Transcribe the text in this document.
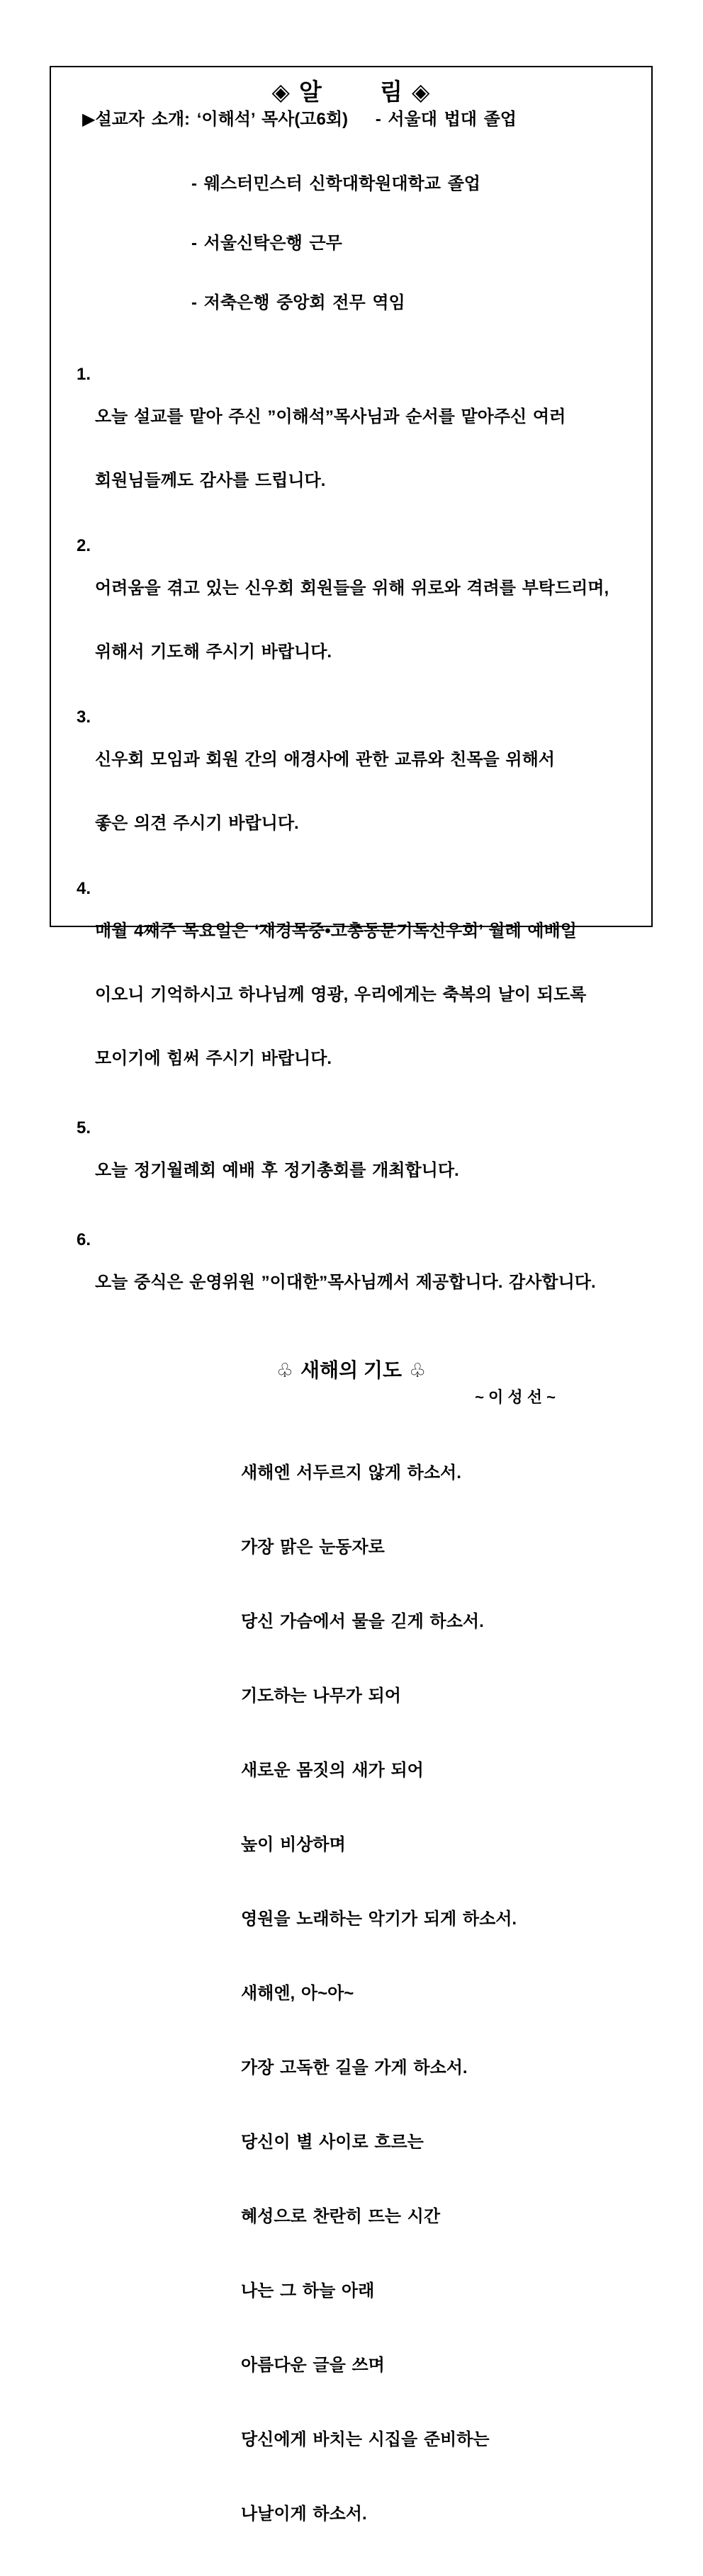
◈ 알        림 ◈
▶설교자 소개: ‘이해석’ 목사(고6회)    - 서울대 법대 졸업

- 웨스터민스터 신학대학원대학교 졸업

- 서울신탁은행 근무

- 저축은행 중앙회 전무 역임

1.

오늘 설교를 맡아 주신 ”이해석”목사님과 순서를 맡아주신 여러

회원님들께도 감사를 드립니다.

2.

어려움을 겪고 있는 신우회 회원들을 위해 위로와 격려를 부탁드리며,

위해서 기도해 주시기 바랍니다.

3.

신우회 모임과 회원 간의 애경사에 관한 교류와 친목을 위해서

좋은 의견 주시기 바랍니다.

4.

매월 4째주 목요일은 ‘재경목중•고총동문기독신우회’ 월례 예배일

이오니 기억하시고 하나님께 영광, 우리에게는 축복의 날이 되도록

모이기에 힘써 주시기 바랍니다.

5.

오늘 정기월례회 예배 후 정기총회를 개최합니다.

6.

오늘 중식은 운영위원 ”이대한”목사님께서 제공합니다. 감사합니다.

♧ 새해의 기도 ♧
~ 이 성 선 ~

새해엔 서두르지 않게 하소서.

가장 맑은 눈동자로

당신 가슴에서 물을 긷게 하소서.

기도하는 나무가 되어

새로운 몸짓의 새가 되어

높이 비상하며

영원을 노래하는 악기가 되게 하소서.

새해엔, 아~아~

가장 고독한 길을 가게 하소서.

당신이 별 사이로 흐르는

혜성으로 찬란히 뜨는 시간

나는 그 하늘 아래

아름다운 글을 쓰며

당신에게 바치는 시집을 준비하는

나날이게 하소서.
